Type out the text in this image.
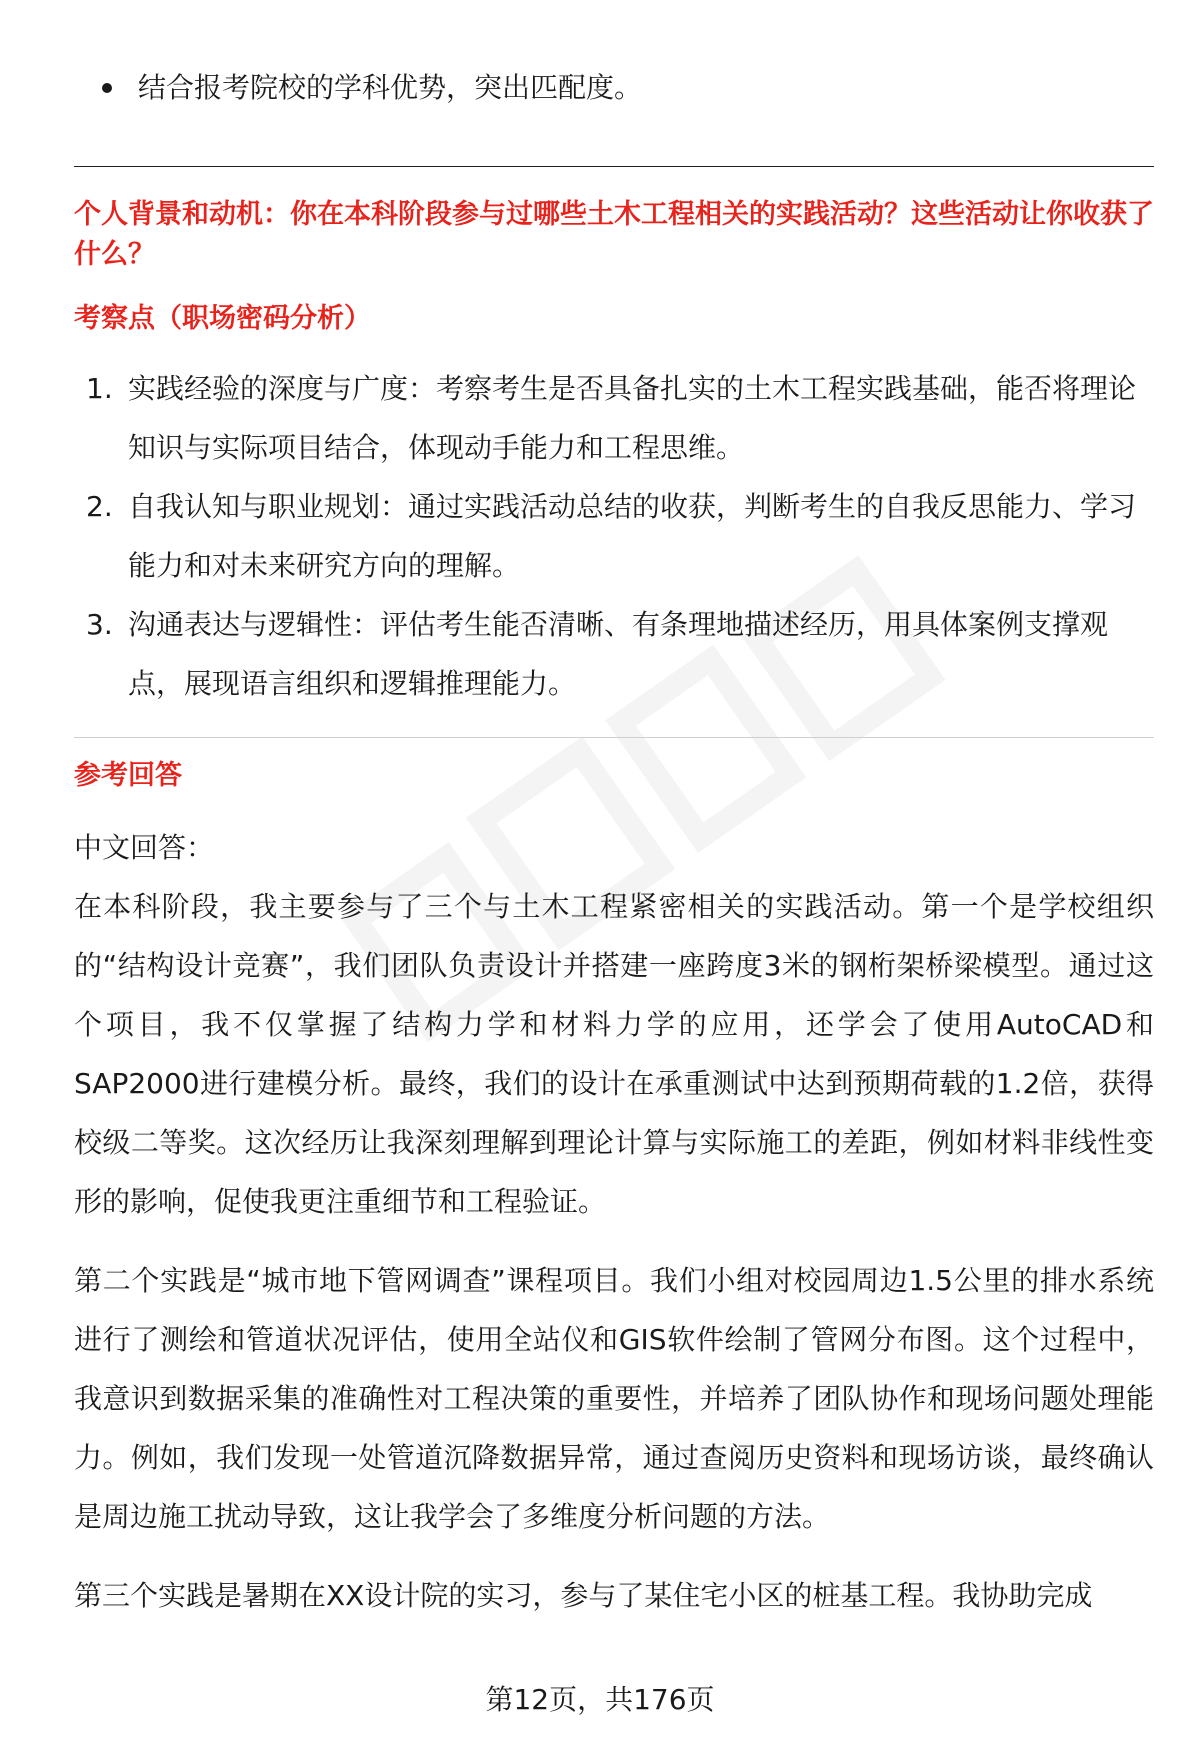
结合报考院校的学科优势，突出匹配度。

个人背景和动机：你在本科阶段参与过哪些土木工程相关的实践活动？这些活动让你收获了什么？

考察点（职场密码分析）

1. 实践经验的深度与广度：考察考生是否具备扎实的土木工程实践基础，能否将理论知识与实际项目结合，体现动手能力和工程思维。
2. 自我认知与职业规划：通过实践活动总结的收获，判断考生的自我反思能力、学习能力和对未来研究方向的理解。
3. 沟通表达与逻辑性：评估考生能否清晰、有条理地描述经历，用具体案例支撑观点，展现语言组织和逻辑推理能力。

参考回答

中文回答：

在本科阶段，我主要参与了三个与土木工程紧密相关的实践活动。第一个是学校组织的“结构设计竞赛”，我们团队负责设计并搭建一座跨度3米的钢桁架桥梁模型。通过这个项目，我不仅掌握了结构力学和材料力学的应用，还学会了使用AutoCAD和SAP2000进行建模分析。最终，我们的设计在承重测试中达到预期荷载的1.2倍，获得校级二等奖。这次经历让我深刻理解到理论计算与实际施工的差距，例如材料非线性变形的影响，促使我更注重细节和工程验证。

第二个实践是“城市地下管网调查”课程项目。我们小组对校园周边1.5公里的排水系统进行了测绘和管道状况评估，使用全站仪和GIS软件绘制了管网分布图。这个过程中，我意识到数据采集的准确性对工程决策的重要性，并培养了团队协作和现场问题处理能力。例如，我们发现一处管道沉降数据异常，通过查阅历史资料和现场访谈，最终确认是周边施工扰动导致，这让我学会了多维度分析问题的方法。

第三个实践是暑期在XX设计院的实习，参与了某住宅小区的桩基工程。我协助完成

第12页，共176页
